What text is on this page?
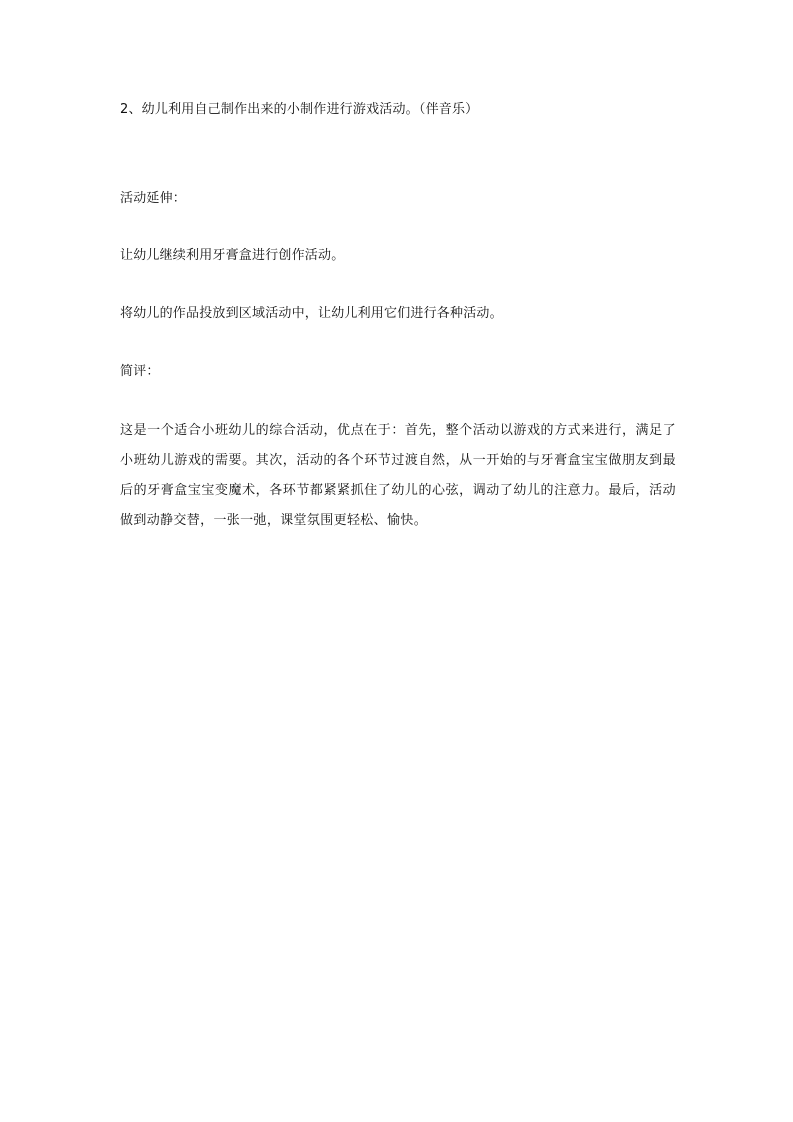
2、幼儿利用自己制作出来的小制作进行游戏活动。（伴音乐）
活动延伸：
让幼儿继续利用牙膏盒进行创作活动。
将幼儿的作品投放到区域活动中，让幼儿利用它们进行各种活动。
简评：
这是一个适合小班幼儿的综合活动，优点在于：首先，整个活动以游戏的方式来进行，满足了小班幼儿游戏的需要。其次，活动的各个环节过渡自然，从一开始的与牙膏盒宝宝做朋友到最后的牙膏盒宝宝变魔术，各环节都紧紧抓住了幼儿的心弦，调动了幼儿的注意力。最后，活动做到动静交替，一张一弛，课堂氛围更轻松、愉快。
